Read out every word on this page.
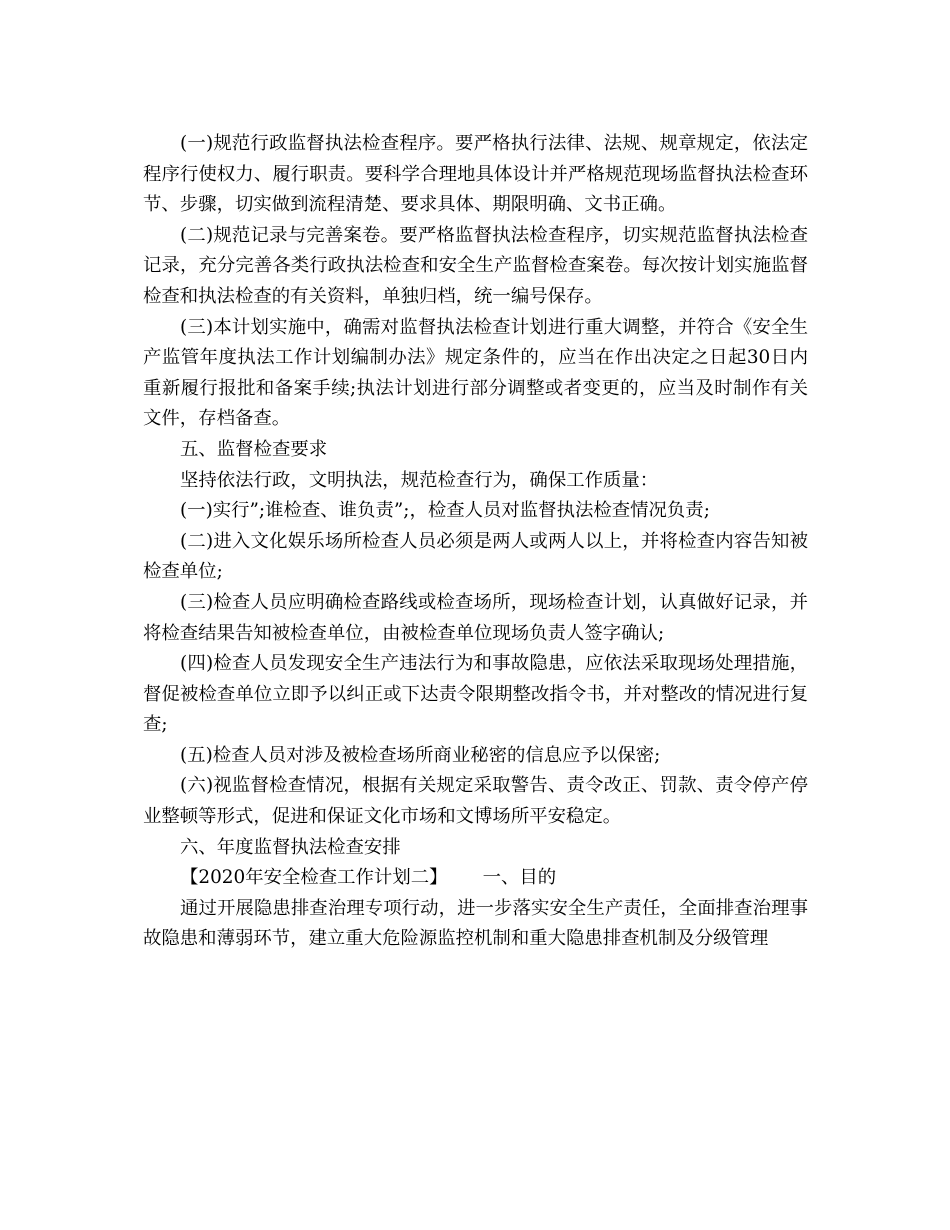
(一)规范行政监督执法检查程序。要严格执行法律、法规、规章规定，依法定程序行使权力、履行职责。要科学合理地具体设计并严格规范现场监督执法检查环节、步骤，切实做到流程清楚、要求具体、期限明确、文书正确。

(二)规范记录与完善案卷。要严格监督执法检查程序，切实规范监督执法检查记录，充分完善各类行政执法检查和安全生产监督检查案卷。每次按计划实施监督检查和执法检查的有关资料，单独归档，统一编号保存。

(三)本计划实施中，确需对监督执法检查计划进行重大调整，并符合《安全生产监管年度执法工作计划编制办法》规定条件的，应当在作出决定之日起30日内重新履行报批和备案手续;执法计划进行部分调整或者变更的，应当及时制作有关文件，存档备查。

五、监督检查要求

坚持依法行政，文明执法，规范检查行为，确保工作质量：

(一)实行”;谁检查、谁负责”;，检查人员对监督执法检查情况负责;

(二)进入文化娱乐场所检查人员必须是两人或两人以上，并将检查内容告知被检查单位;

(三)检查人员应明确检查路线或检查场所，现场检查计划，认真做好记录，并将检查结果告知被检查单位，由被检查单位现场负责人签字确认;

(四)检查人员发现安全生产违法行为和事故隐患，应依法采取现场处理措施，督促被检查单位立即予以纠正或下达责令限期整改指令书，并对整改的情况进行复查;

(五)检查人员对涉及被检查场所商业秘密的信息应予以保密;

(六)视监督检查情况，根据有关规定采取警告、责令改正、罚款、责令停产停业整顿等形式，促进和保证文化市场和文博场所平安稳定。

六、年度监督执法检查安排

【2020年安全检查工作计划二】      一、目的

通过开展隐患排查治理专项行动，进一步落实安全生产责任，全面排查治理事故隐患和薄弱环节，建立重大危险源监控机制和重大隐患排查机制及分级管理
